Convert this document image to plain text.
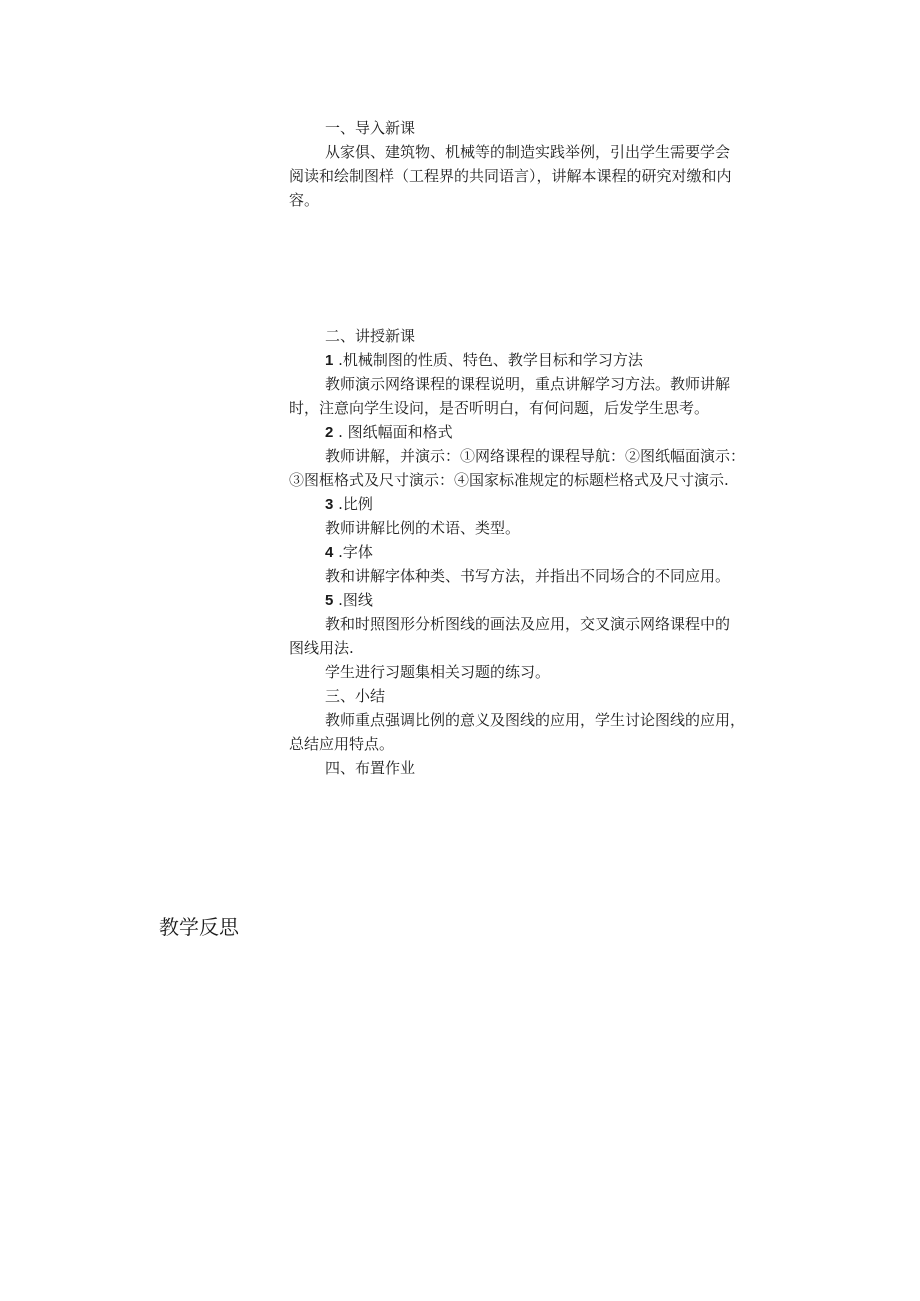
一、导入新课
从家俱、建筑物、机械等的制造实践举例，引出学生需要学会
阅读和绘制图样（工程界的共同语言），讲解本课程的研究对缴和内
容。
二、讲授新课
1 .机械制图的性质、特色、教学目标和学习方法
教师演示网络课程的课程说明，重点讲解学习方法。教师讲解
时，注意向学生设问，是否听明白，有何问题，后发学生思考。
2 . 图纸幅面和格式
教师讲解，并演示：①网络课程的课程导航：②图纸幅面演示：
③图框格式及尺寸演示：④国家标准规定的标题栏格式及尺寸演示.
3 .比例
教师讲解比例的术语、类型。
4 .字体
教和讲解字体种类、书写方法，并指出不同场合的不同应用。
5 .图线
教和时照图形分析图线的画法及应用，交叉演示网络课程中的
图线用法.
学生进行习题集相关习题的练习。
三、小结
教师重点强调比例的意义及图线的应用，学生讨论图线的应用，
总结应用特点。
四、布置作业
教学反思
